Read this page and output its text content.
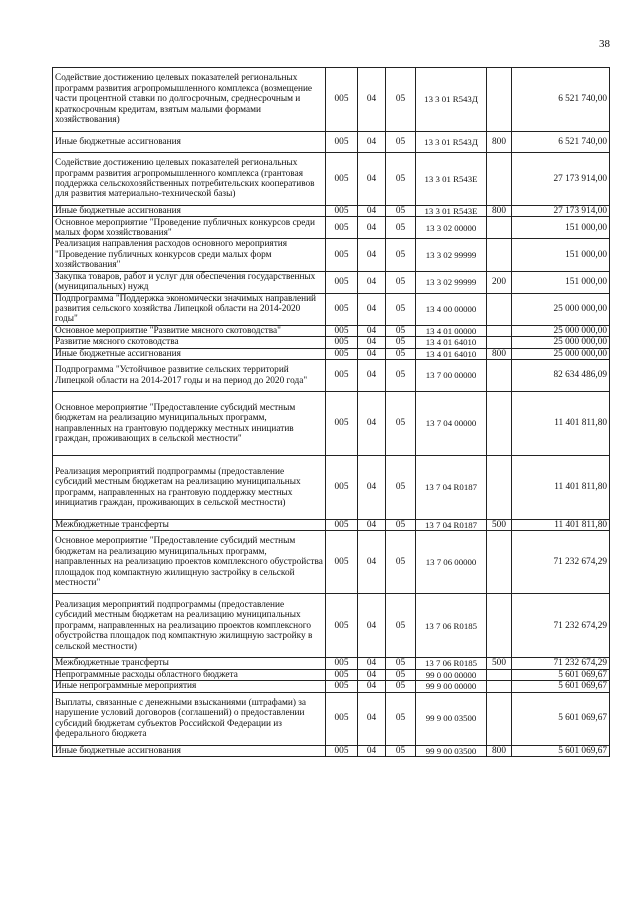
38
Содействие достижению целевых показателей региональных программ развития агропромышленного комплекса (возмещение части процентной ставки по долгосрочным, среднесрочным и краткосрочным кредитам, взятым малыми формами хозяйствования)	005	04	05	13 3 01 R543Д		6 521 740,00
Иные бюджетные ассигнования	005	04	05	13 3 01 R543Д	800	6 521 740,00
Содействие достижению целевых показателей региональных программ развития агропромышленного комплекса (грантовая поддержка сельскохозяйственных потребительских кооперативов для развития материально-технической базы)	005	04	05	13 3 01 R543Е		27 173 914,00
Иные бюджетные ассигнования	005	04	05	13 3 01 R543Е	800	27 173 914,00
Основное мероприятие "Проведение публичных конкурсов среди малых форм хозяйствования"	005	04	05	13 3 02 00000		151 000,00
Реализация направления расходов основного мероприятия "Проведение публичных конкурсов среди малых форм хозяйствования"	005	04	05	13 3 02 99999		151 000,00
Закупка товаров, работ и услуг для обеспечения государственных (муниципальных) нужд	005	04	05	13 3 02 99999	200	151 000,00
Подпрограмма "Поддержка экономически значимых направлений развития сельского хозяйства Липецкой области на 2014-2020 годы"	005	04	05	13 4 00 00000		25 000 000,00
Основное мероприятие "Развитие мясного скотоводства"	005	04	05	13 4 01 00000		25 000 000,00
Развитие мясного скотоводства	005	04	05	13 4 01 64010		25 000 000,00
Иные бюджетные ассигнования	005	04	05	13 4 01 64010	800	25 000 000,00
Подпрограмма "Устойчивое развитие сельских территорий Липецкой области на 2014-2017 годы и на период до 2020 года"	005	04	05	13 7 00 00000		82 634 486,09
Основное мероприятие "Предоставление субсидий местным бюджетам на реализацию муниципальных программ, направленных на грантовую поддержку местных инициатив граждан, проживающих в сельской местности"	005	04	05	13 7 04 00000		11 401 811,80
Реализация мероприятий подпрограммы (предоставление субсидий местным бюджетам на реализацию муниципальных программ, направленных на грантовую поддержку местных инициатив граждан, проживающих в сельской местности)	005	04	05	13 7 04 R0187		11 401 811,80
Межбюджетные трансферты	005	04	05	13 7 04 R0187	500	11 401 811,80
Основное мероприятие "Предоставление субсидий местным бюджетам на реализацию муниципальных программ, направленных на реализацию проектов комплексного обустройства площадок под компактную жилищную застройку в сельской местности"	005	04	05	13 7 06 00000		71 232 674,29
Реализация мероприятий подпрограммы (предоставление субсидий местным бюджетам на реализацию муниципальных программ, направленных на реализацию проектов комплексного обустройства площадок под компактную жилищную застройку в сельской местности)	005	04	05	13 7 06 R0185		71 232 674,29
Межбюджетные трансферты	005	04	05	13 7 06 R0185	500	71 232 674,29
Непрограммные расходы областного бюджета	005	04	05	99 0 00 00000		5 601 069,67
Иные непрограммные мероприятия	005	04	05	99 9 00 00000		5 601 069,67
Выплаты, связанные с денежными взысканиями (штрафами) за нарушение условий договоров (соглашений) о предоставлении субсидий бюджетам субъектов Российской Федерации из федерального бюджета	005	04	05	99 9 00 03500		5 601 069,67
Иные бюджетные ассигнования	005	04	05	99 9 00 03500	800	5 601 069,67
